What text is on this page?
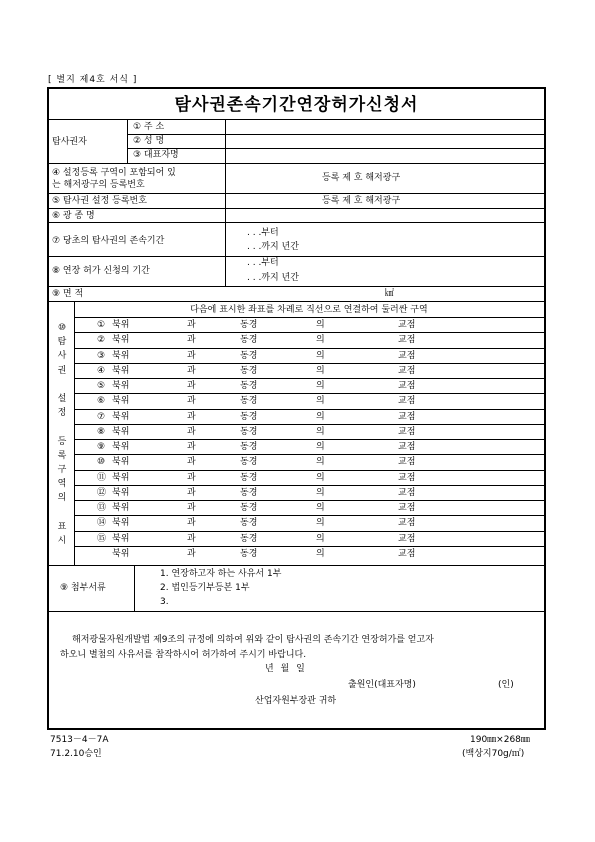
[ 별지 제4호 서식 ]
탐사권존속기간연장허가신청서
탐사권자
① 주 소
② 성 명
③ 대표자명
④ 설정등록 구역이 포함되어 있
는 해저광구의 등록번호
등록 제 호 해저광구
⑤ 탐사권 설정 등록번호	등록 제 호 해저광구
⑥ 광 종 명
⑦ 당초의 탐사권의 존속기간
. . .부터
. . .까지 년간
⑧ 연장 허가 신청의 기간
. . .부터
. . .까지 년간
⑨ 면 적	㎢
다음에 표시한 좌표를 차례로 직선으로 연결하여 둘러싼 구역
⑩
탐
사
권
설
정
등
록
구
역
의
표
시
① 북위	과	동경	의	교점
② 북위	과	동경	의	교점
③ 북위	과	동경	의	교점
④ 북위	과	동경	의	교점
⑤ 북위	과	동경	의	교점
⑥ 북위	과	동경	의	교점
⑦ 북위	과	동경	의	교점
⑧ 북위	과	동경	의	교점
⑨ 북위	과	동경	의	교점
⑩ 북위	과	동경	의	교점
⑪ 북위	과	동경	의	교점
⑫ 북위	과	동경	의	교점
⑬ 북위	과	동경	의	교점
⑭ 북위	과	동경	의	교점
⑮ 북위	과	동경	의	교점
북위	과	동경	의	교점
⑨ 첨부서류
1. 연장하고자 하는 사유서 1부
2. 법인등기부등본 1부
3.
해저광물자원개발법 제9조의 규정에 의하여 위와 같이 탐사권의 존속기간 연장허가를 얻고자
하오니 별첨의 사유서를 참작하시어 허가하여 주시기 바랍니다.
년 월 일
출원인(대표자명)	(인)
산업자원부장관 귀하
7513－4－7A
71.2.10승인
190㎜×268㎜
(백상지70g/㎡)
